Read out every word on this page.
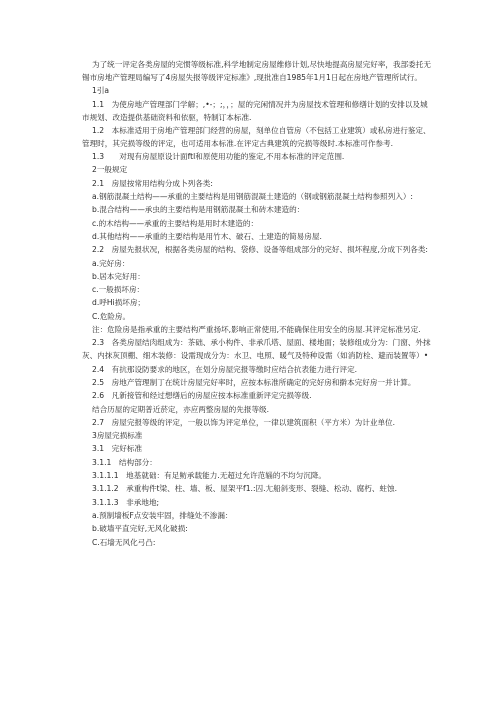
为了统一评定各类房屋的完惯等级标准,科学地制定房屋维修计划,尽快地提高房屋完好率，我部委托无锡市房地产管理局编写了4房屋失报等级评定标准》,现批准自1985年1月1日起在房地产管理所试行。

1引a

1.1　为使房地产管理部门学解；,•-；;，，；屋的完闲情况并为房屋技术管理和修缮计划的安排以及城市规划、改造提供基础资料和依驱，特制订本标准.

1.2　本标准适用于房地产管理部门经营的房屋，刻单位自管房（不包括工业建筑）或私房进行鉴定、管理时，其完损等级的评定，也可适用本标准.在评定古典建筑的完损等级时.本标准可作参考.

1.3　　对现有房屋原设计面ftl和原使用功能的鉴定,不用本标准的评定范围.

2一般规定

2.1　房屋按常用结构分成卜列各类:

a.钢筋混凝土结构——承重的主要结构是用钢筋混凝土建造的（钢或钢筋混凝土结构参照列入）:

b.混合结构——承虫的主要结构是用钢筋混凝土和砖木建造的：

c.的木结构——承重的主要结构是用时木建造的：

d.其他结构——承重的主要结构是用竹木、破石、土建造的简易房屋.

2.2　房屋先报状况，根据各类房屋的结构、袋修、设备等组成部分的完好、损坏程度,分成下列各类:

a.完好房：

b.居本完好用：

c.一般损坏房：

d.呼Hi损坏房；

C.危险房。

注：危险房是指承重的主要结构严重扬坏,影响正常使用,不能确保住用安全的房屋.其评定标准另定.

2.3　各类房屋结肉组成为：茶础、承小构件、非承爪塔、屋面、楼地面；装修组成分为：门窗、外抹灰、内抹灰顶棚、细木装修：设需现成分为：水卫、电照、暖气及特种设需（如消防栓、避而装置等）•

2.4　有抗那设防要求的地区，在划分房屋完报等缴时应结合抗表能力进行评定.

2.5　房地产管理制丁在统计房屋完好率时，应按本标准所确定的完好房和擀本完好房一并计算。

2.6　凡新接管和经过想缮后的房屋应按本标准重新评定完损等级.

结合历屋的定期普近菸定，亦应两整房屋的先报等级.

2.7　房屋完报等级的评定，一般以饰为评定单位，一律以建筑面积（平方米）为计业单位.

3房屋完损标准

3.1　完好标准

3.1.1　结构部分：

3.1.1.1　地基就础：有足鲂承载能力.无超过允许范辎的不均匀沉降。

3.1.1.2　承重构件t梁、柱、墙、板、屋架平f1.:囚.尢船斜变形、裂缝、松动、腐朽、蛀蚀.

3.1.1.3　非承地地;

a.预制墙板F点安装牢固，排缝处不渗漏：

b.破墙平直完好,无风化破损:

C.石墙无风化弓凸:
